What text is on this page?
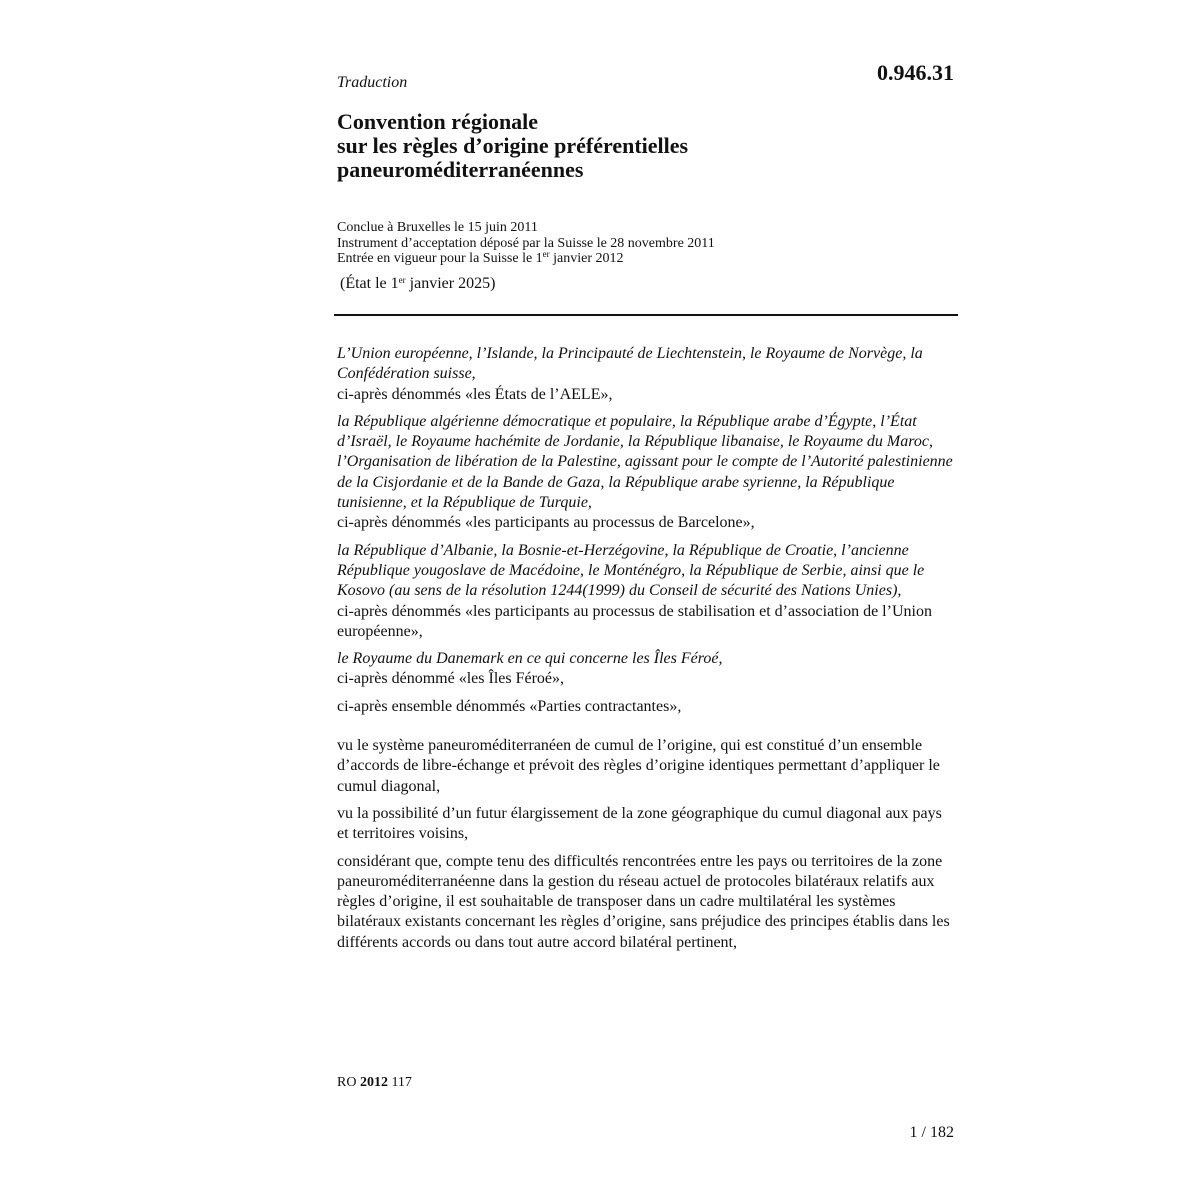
Traduction	0.946.31
Convention régionale
sur les règles d’origine préférentielles
paneuroméditerranéennes
Conclue à Bruxelles le 15 juin 2011
Instrument d’acceptation déposé par la Suisse le 28 novembre 2011
Entrée en vigueur pour la Suisse le 1er janvier 2012
(État le 1er janvier 2025)
L’Union européenne, l’Islande, la Principauté de Liechtenstein, le Royaume de Norvège, la Confédération suisse,
ci-après dénommés «les États de l’AELE»,
la République algérienne démocratique et populaire, la République arabe d’Égypte, l’État d’Israël, le Royaume hachémite de Jordanie, la République libanaise, le Royaume du Maroc, l’Organisation de libération de la Palestine, agissant pour le compte de l’Autorité palestinienne de la Cisjordanie et de la Bande de Gaza, la République arabe syrienne, la République tunisienne, et la République de Turquie,
ci-après dénommés «les participants au processus de Barcelone»,
la République d’Albanie, la Bosnie-et-Herzégovine, la République de Croatie, l’ancienne République yougoslave de Macédoine, le Monténégro, la République de Serbie, ainsi que le Kosovo (au sens de la résolution 1244(1999) du Conseil de sécurité des Nations Unies),
ci-après dénommés «les participants au processus de stabilisation et d’association de l’Union européenne»,
le Royaume du Danemark en ce qui concerne les Îles Féroé,
ci-après dénommé «les Îles Féroé»,
ci-après ensemble dénommés «Parties contractantes»,
vu le système paneuroméditerranéen de cumul de l’origine, qui est constitué d’un ensemble d’accords de libre-échange et prévoit des règles d’origine identiques permettant d’appliquer le cumul diagonal,
vu la possibilité d’un futur élargissement de la zone géographique du cumul diagonal aux pays et territoires voisins,
considérant que, compte tenu des difficultés rencontrées entre les pays ou territoires de la zone paneuroméditerranéenne dans la gestion du réseau actuel de protocoles bilatéraux relatifs aux règles d’origine, il est souhaitable de transposer dans un cadre multilatéral les systèmes bilatéraux existants concernant les règles d’origine, sans préjudice des principes établis dans les différents accords ou dans tout autre accord bilatéral pertinent,
RO 2012 117
1 / 182
